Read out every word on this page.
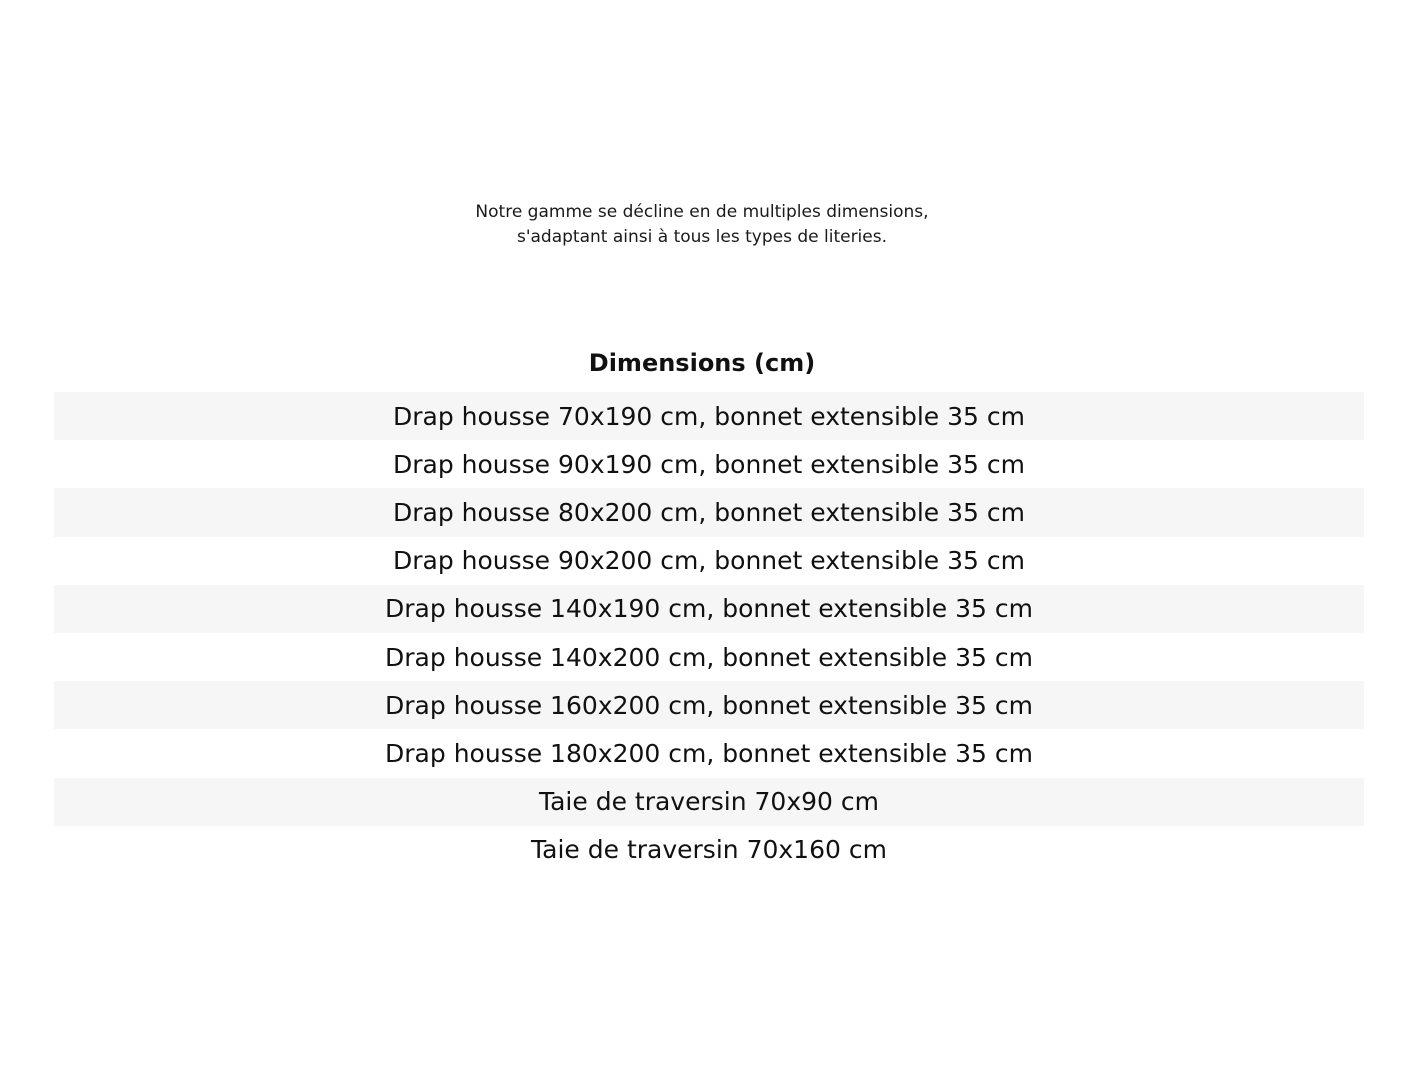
Notre gamme se décline en de multiples dimensions,
s'adaptant ainsi à tous les types de literies.
Dimensions (cm)
Drap housse 70x190 cm, bonnet extensible 35 cm
Drap housse 90x190 cm, bonnet extensible 35 cm
Drap housse 80x200 cm, bonnet extensible 35 cm
Drap housse 90x200 cm, bonnet extensible 35 cm
Drap housse 140x190 cm, bonnet extensible 35 cm
Drap housse 140x200 cm, bonnet extensible 35 cm
Drap housse 160x200 cm, bonnet extensible 35 cm
Drap housse 180x200 cm, bonnet extensible 35 cm
Taie de traversin 70x90 cm
Taie de traversin 70x160 cm
